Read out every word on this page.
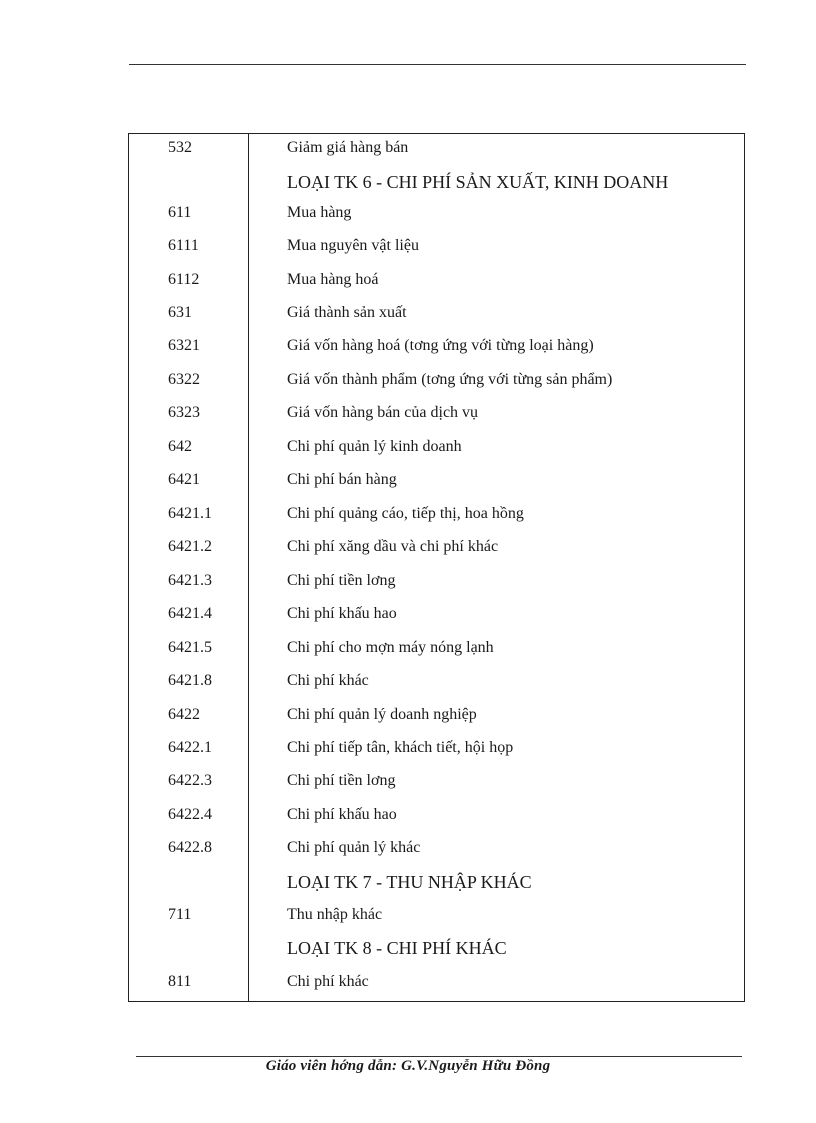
532	Giảm giá hàng bán
LOẠI TK 6 - CHI PHÍ SẢN XUẤT, KINH DOANH
611	Mua hàng
6111	Mua nguyên vật liệu
6112	Mua hàng hoá
631	Giá thành sản xuất
6321	Giá vốn hàng hoá (tơng ứng với từng loại hàng)
6322	Giá vốn thành phẩm (tơng ứng với từng sản phẩm)
6323	Giá vốn hàng bán của dịch vụ
642	Chi phí quản lý kinh doanh
6421	Chi phí bán hàng
6421.1	Chi phí quảng cáo, tiếp thị, hoa hồng
6421.2	Chi phí xăng dầu và chi phí khác
6421.3	Chi phí tiền lơng
6421.4	Chi phí khấu hao
6421.5	Chi phí cho mợn máy nóng lạnh
6421.8	Chi phí khác
6422	Chi phí quản lý doanh nghiệp
6422.1	Chi phí tiếp tân, khách tiết, hội họp
6422.3	Chi phí tiền lơng
6422.4	Chi phí khấu hao
6422.8	Chi phí quản lý khác
LOẠI TK 7 - THU NHẬP KHÁC
711	Thu nhập khác
LOẠI TK 8 - CHI PHÍ KHÁC
811	Chi phí khác
Giáo viên hớng dẫn: G.V.Nguyễn Hữu Đồng
